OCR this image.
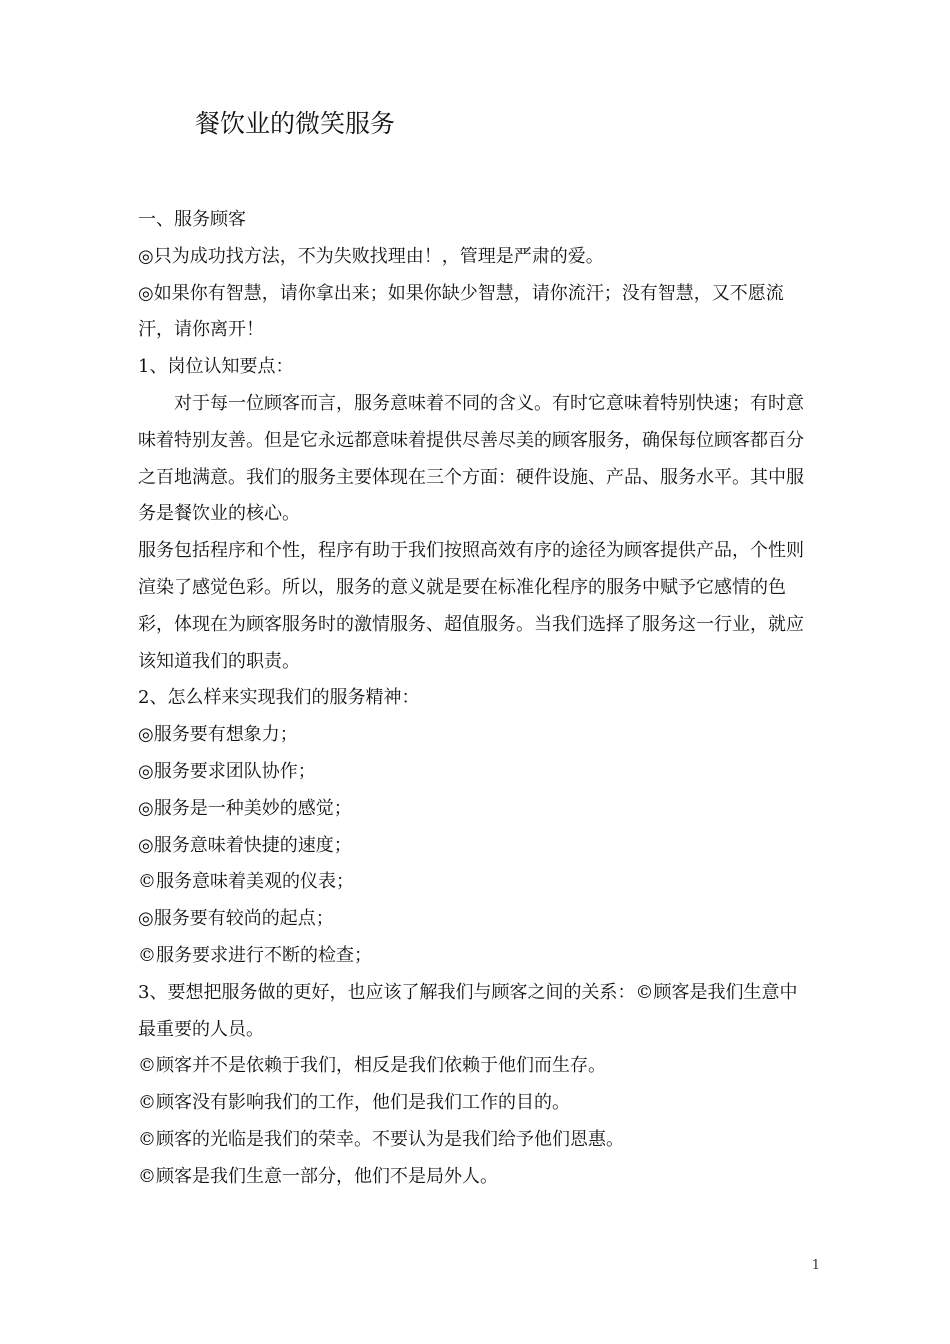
餐饮业的微笑服务

一、服务顾客

◎只为成功找方法，不为失败找理由！，管理是严肃的爱。

◎如果你有智慧，请你拿出来；如果你缺少智慧，请你流汗；没有智慧，又不愿流汗，请你离开！

1、岗位认知要点：

对于每一位顾客而言，服务意味着不同的含义。有时它意味着特别快速；有时意味着特别友善。但是它永远都意味着提供尽善尽美的顾客服务，确保每位顾客都百分之百地满意。我们的服务主要体现在三个方面：硬件设施、产品、服务水平。其中服务是餐饮业的核心。

服务包括程序和个性，程序有助于我们按照高效有序的途径为顾客提供产品，个性则渲染了感觉色彩。所以，服务的意义就是要在标准化程序的服务中赋予它感情的色彩，体现在为顾客服务时的激情服务、超值服务。当我们选择了服务这一行业，就应该知道我们的职责。

2、怎么样来实现我们的服务精神：

◎服务要有想象力；

◎服务要求团队协作；

◎服务是一种美妙的感觉；

◎服务意味着快捷的速度；

©服务意味着美观的仪表；

◎服务要有较尚的起点；

©服务要求进行不断的检查；

3、要想把服务做的更好，也应该了解我们与顾客之间的关系：©顾客是我们生意中最重要的人员。

©顾客并不是依赖于我们，相反是我们依赖于他们而生存。

©顾客没有影响我们的工作，他们是我们工作的目的。

©顾客的光临是我们的荣幸。不要认为是我们给予他们恩惠。

©顾客是我们生意一部分，他们不是局外人。

1
